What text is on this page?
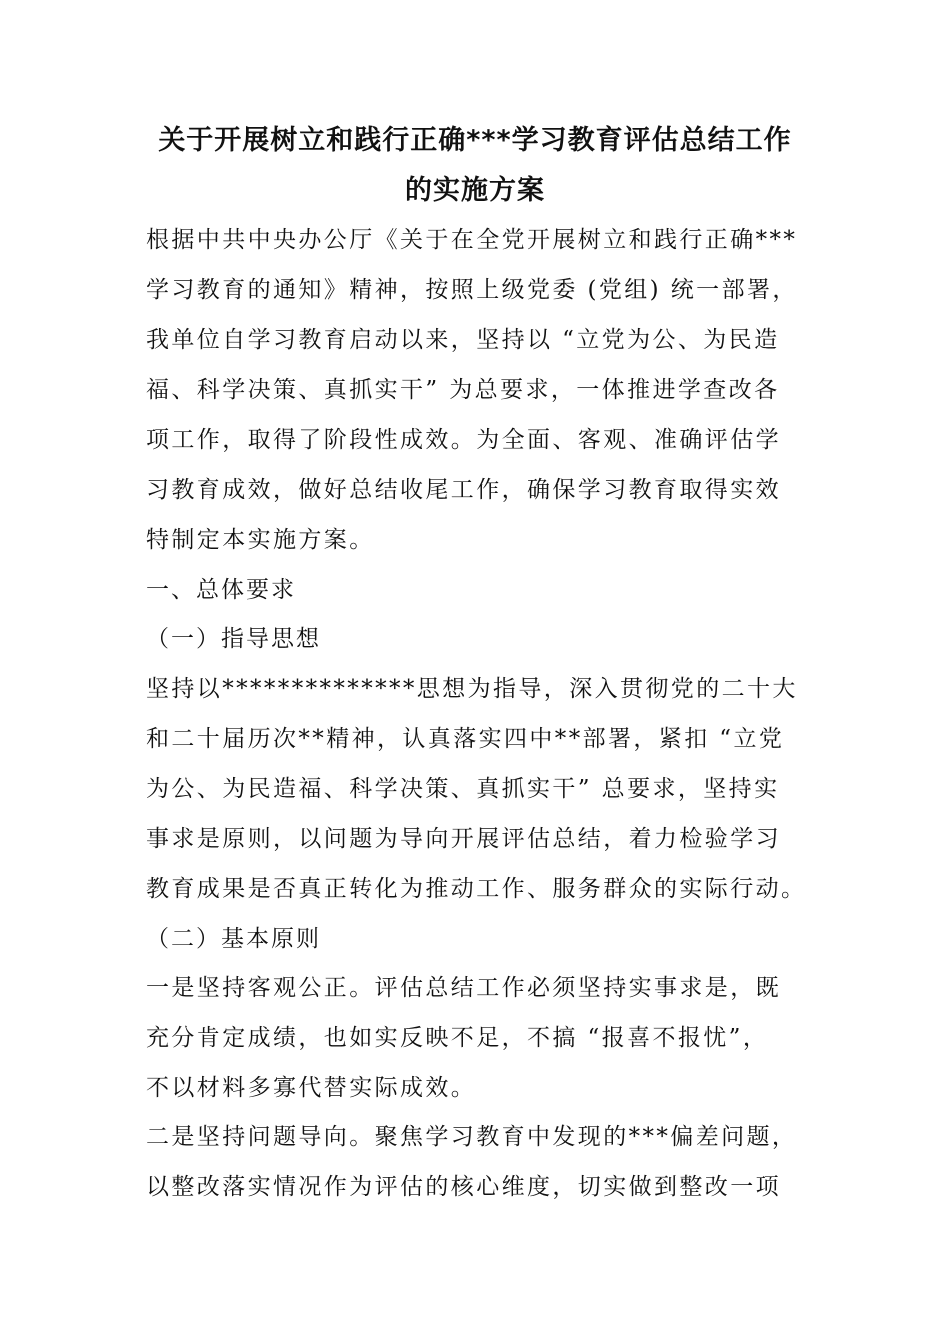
关于开展树立和践行正确***学习教育评估总结工作
的实施方案
根据中共中央办公厅《关于在全党开展树立和践行正确***
学习教育的通知》精神，按照上级党委 (党组) 统一部署，
我单位自学习教育启动以来，坚持以 “立党为公、为民造
福、科学决策、真抓实干” 为总要求，一体推进学查改各
项工作，取得了阶段性成效。为全面、客观、准确评估学
习教育成效，做好总结收尾工作，确保学习教育取得实效
特制定本实施方案。
一、总体要求
（一）指导思想
坚持以**************思想为指导，深入贯彻党的二十大
和二十届历次**精神，认真落实四中**部署，紧扣 “立党
为公、为民造福、科学决策、真抓实干” 总要求，坚持实
事求是原则，以问题为导向开展评估总结，着力检验学习
教育成果是否真正转化为推动工作、服务群众的实际行动。
（二）基本原则
一是坚持客观公正。评估总结工作必须坚持实事求是，既
充分肯定成绩，也如实反映不足，不搞 “报喜不报忧”，
不以材料多寡代替实际成效。
二是坚持问题导向。聚焦学习教育中发现的***偏差问题，
以整改落实情况作为评估的核心维度，切实做到整改一项
